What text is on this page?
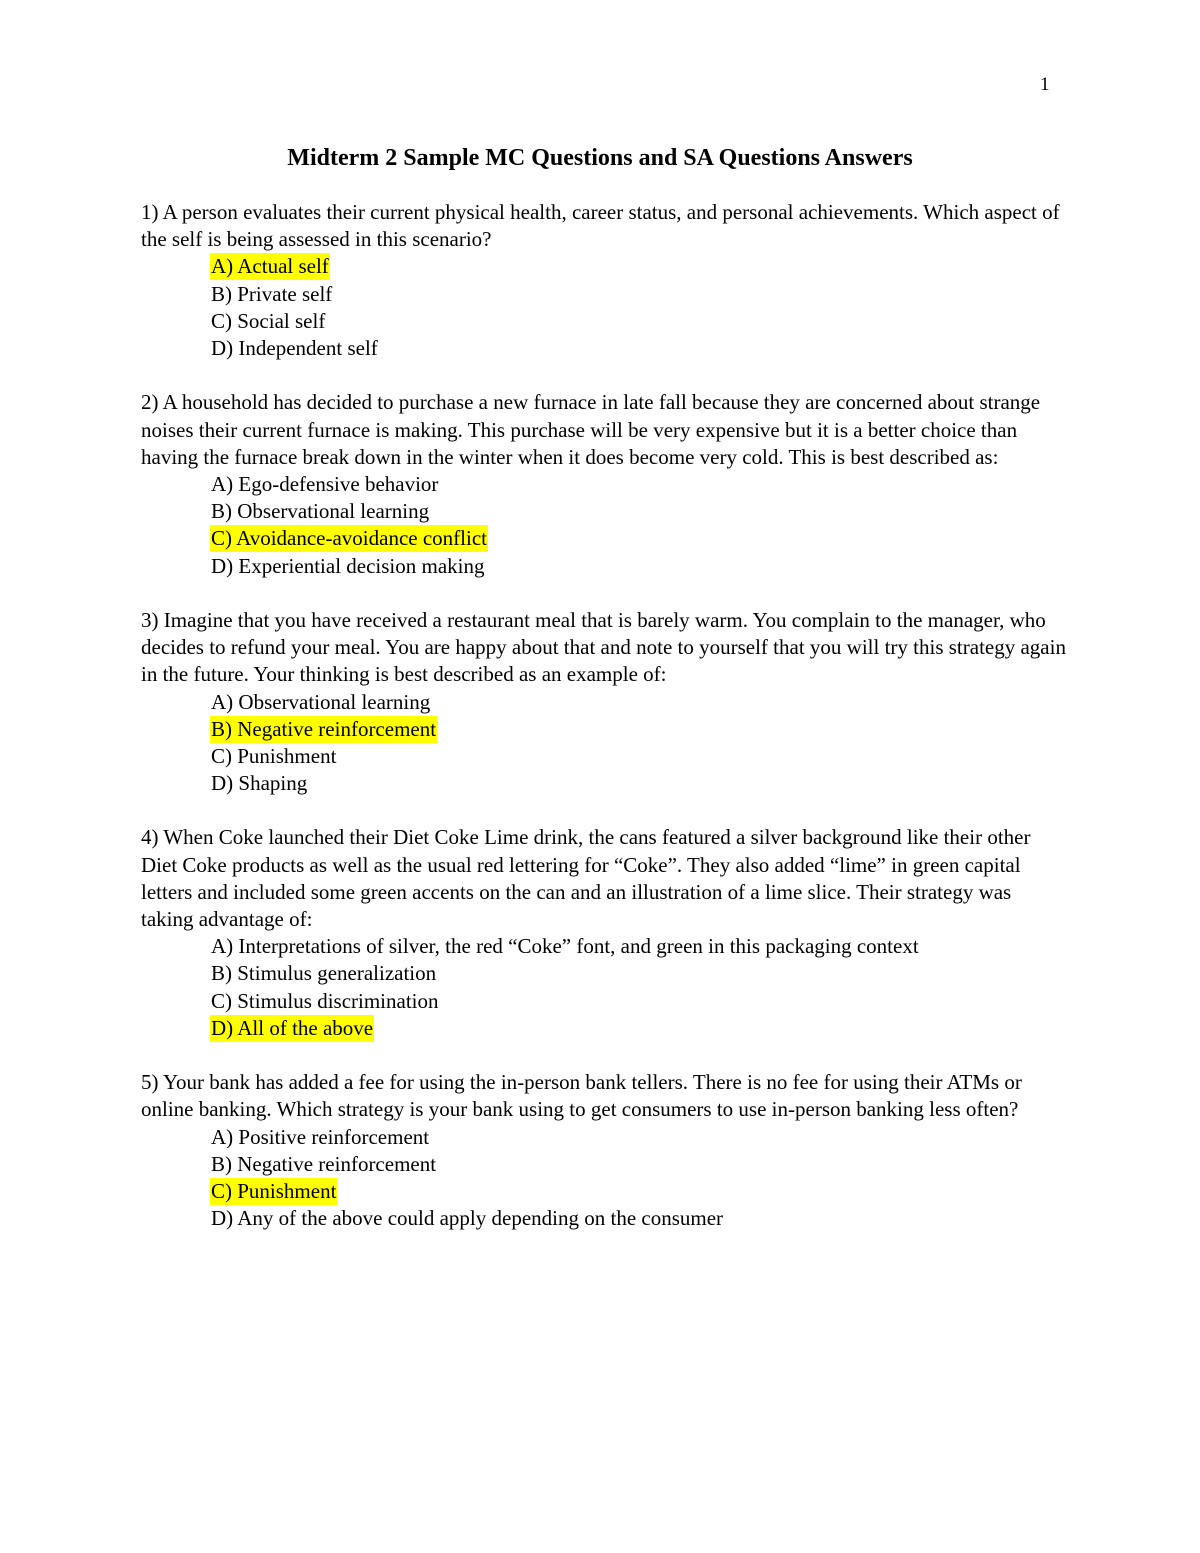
1
Midterm 2 Sample MC Questions and SA Questions Answers

1) A person evaluates their current physical health, career status, and personal achievements. Which aspect of the self is being assessed in this scenario?

A) Actual self
B) Private self
C) Social self
D) Independent self

2) A household has decided to purchase a new furnace in late fall because they are concerned about strange noises their current furnace is making. This purchase will be very expensive but it is a better choice than having the furnace break down in the winter when it does become very cold. This is best described as:

A) Ego-defensive behavior
B) Observational learning
C) Avoidance-avoidance conflict
D) Experiential decision making

3) Imagine that you have received a restaurant meal that is barely warm. You complain to the manager, who decides to refund your meal. You are happy about that and note to yourself that you will try this strategy again in the future. Your thinking is best described as an example of:

A) Observational learning
B) Negative reinforcement
C) Punishment
D) Shaping

4) When Coke launched their Diet Coke Lime drink, the cans featured a silver background like their other Diet Coke products as well as the usual red lettering for “Coke”. They also added “lime” in green capital letters and included some green accents on the can and an illustration of a lime slice. Their strategy was taking advantage of:

A) Interpretations of silver, the red “Coke” font, and green in this packaging context
B) Stimulus generalization
C) Stimulus discrimination
D) All of the above

5) Your bank has added a fee for using the in-person bank tellers. There is no fee for using their ATMs or online banking. Which strategy is your bank using to get consumers to use in-person banking less often?

A) Positive reinforcement
B) Negative reinforcement
C) Punishment
D) Any of the above could apply depending on the consumer
